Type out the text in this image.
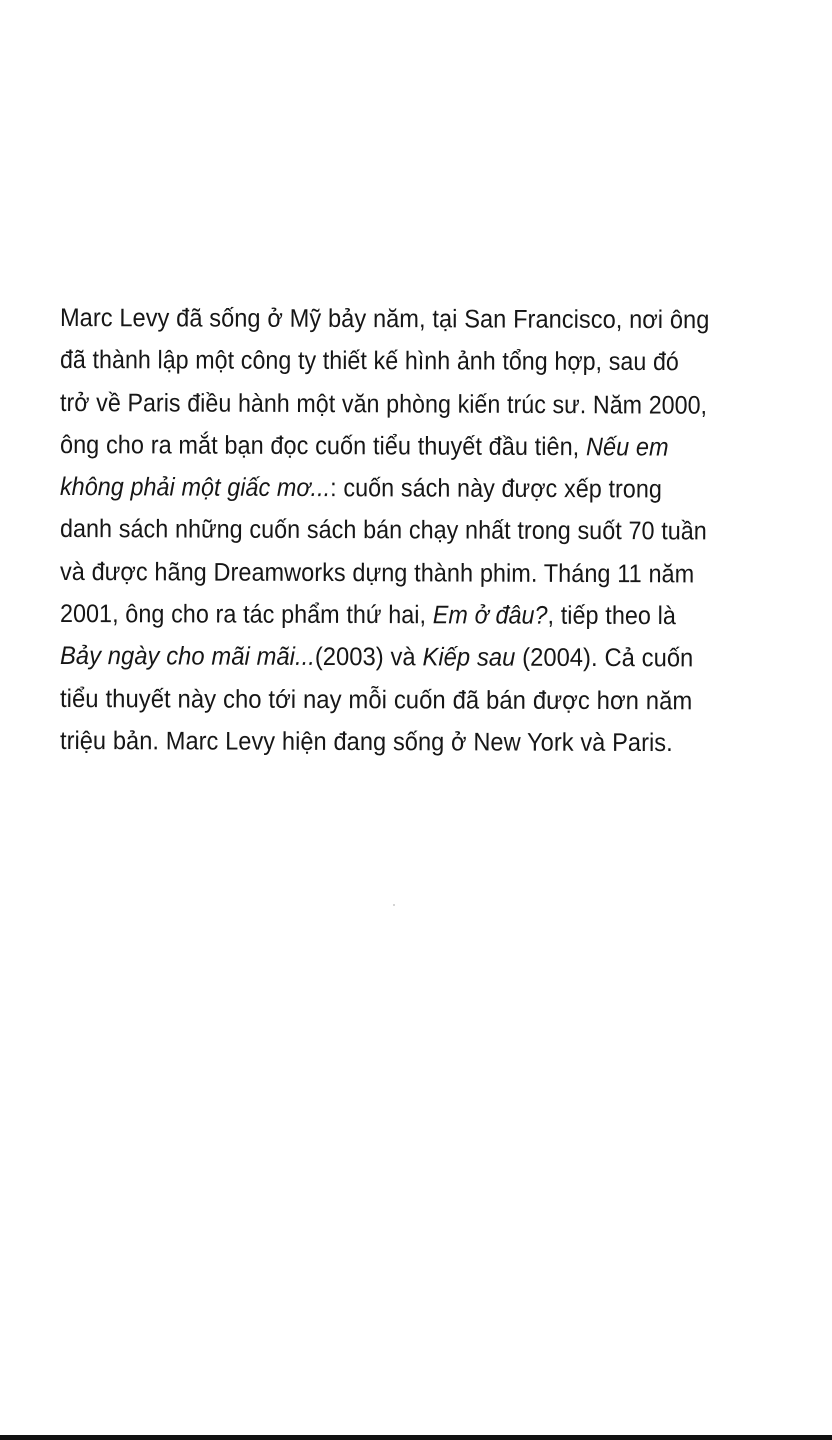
Marc Levy đã sống ở Mỹ bảy năm, tại San Francisco, nơi ông
đã thành lập một công ty thiết kế hình ảnh tổng hợp, sau đó
trở về Paris điều hành một văn phòng kiến trúc sư. Năm 2000,
ông cho ra mắt bạn đọc cuốn tiểu thuyết đầu tiên, Nếu em
không phải một giấc mơ...: cuốn sách này được xếp trong
danh sách những cuốn sách bán chạy nhất trong suốt 70 tuần
và được hãng Dreamworks dựng thành phim. Tháng 11 năm
2001, ông cho ra tác phẩm thứ hai, Em ở đâu?, tiếp theo là
Bảy ngày cho mãi mãi...(2003) và Kiếp sau (2004). Cả cuốn
tiểu thuyết này cho tới nay mỗi cuốn đã bán được hơn năm
triệu bản. Marc Levy hiện đang sống ở New York và Paris.
